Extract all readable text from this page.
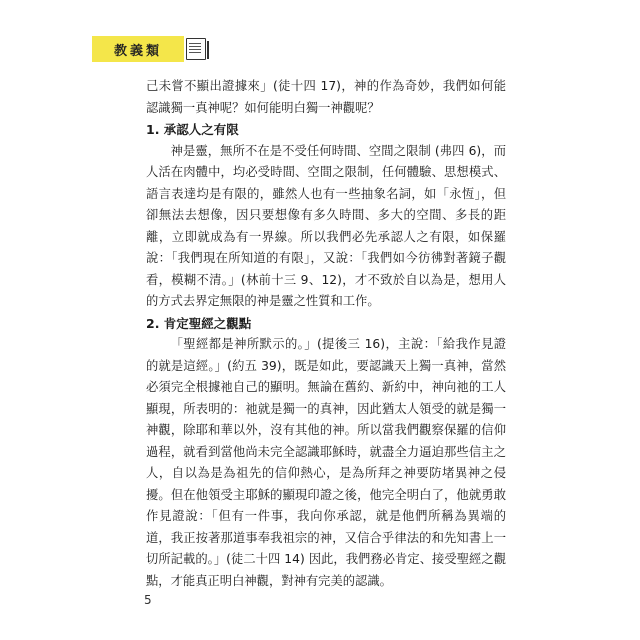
教義類

己未嘗不顯出證據來」(徒十四 17)，神的作為奇妙，我們如何能認識獨一真神呢？如何能明白獨一神觀呢？

1. 承認人之有限

神是靈，無所不在是不受任何時間、空間之限制 (弗四 6)，而人活在肉體中，均必受時間、空間之限制，任何體驗、思想模式、語言表達均是有限的，雖然人也有一些抽象名詞，如「永恆」，但卻無法去想像，因只要想像有多久時間、多大的空間、多長的距離，立即就成為有一界線。所以我們必先承認人之有限，如保羅說：「我們現在所知道的有限」，又說：「我們如今彷彿對著鏡子觀看，模糊不清。」(林前十三 9、12)，才不致於自以為是，想用人的方式去界定無限的神是靈之性質和工作。

2. 肯定聖經之觀點

「聖經都是神所默示的。」(提後三 16)，主說：「給我作見證的就是這經。」(約五 39)，既是如此，要認識天上獨一真神，當然必須完全根據祂自己的顯明。無論在舊約、新約中，神向祂的工人顯現，所表明的：祂就是獨一的真神，因此猶太人領受的就是獨一神觀，除耶和華以外，沒有其他的神。所以當我們觀察保羅的信仰過程，就看到當他尚未完全認識耶穌時，就盡全力逼迫那些信主之人，自以為是為祖先的信仰熱心，是為所拜之神要防堵異神之侵擾。但在他領受主耶穌的顯現印證之後，他完全明白了，他就勇敢作見證說：「但有一件事，我向你承認，就是他們所稱為異端的道，我正按著那道事奉我祖宗的神，又信合乎律法的和先知書上一切所記載的。」(徒二十四 14) 因此，我們務必肯定、接受聖經之觀點，才能真正明白神觀，對神有完美的認識。

5
